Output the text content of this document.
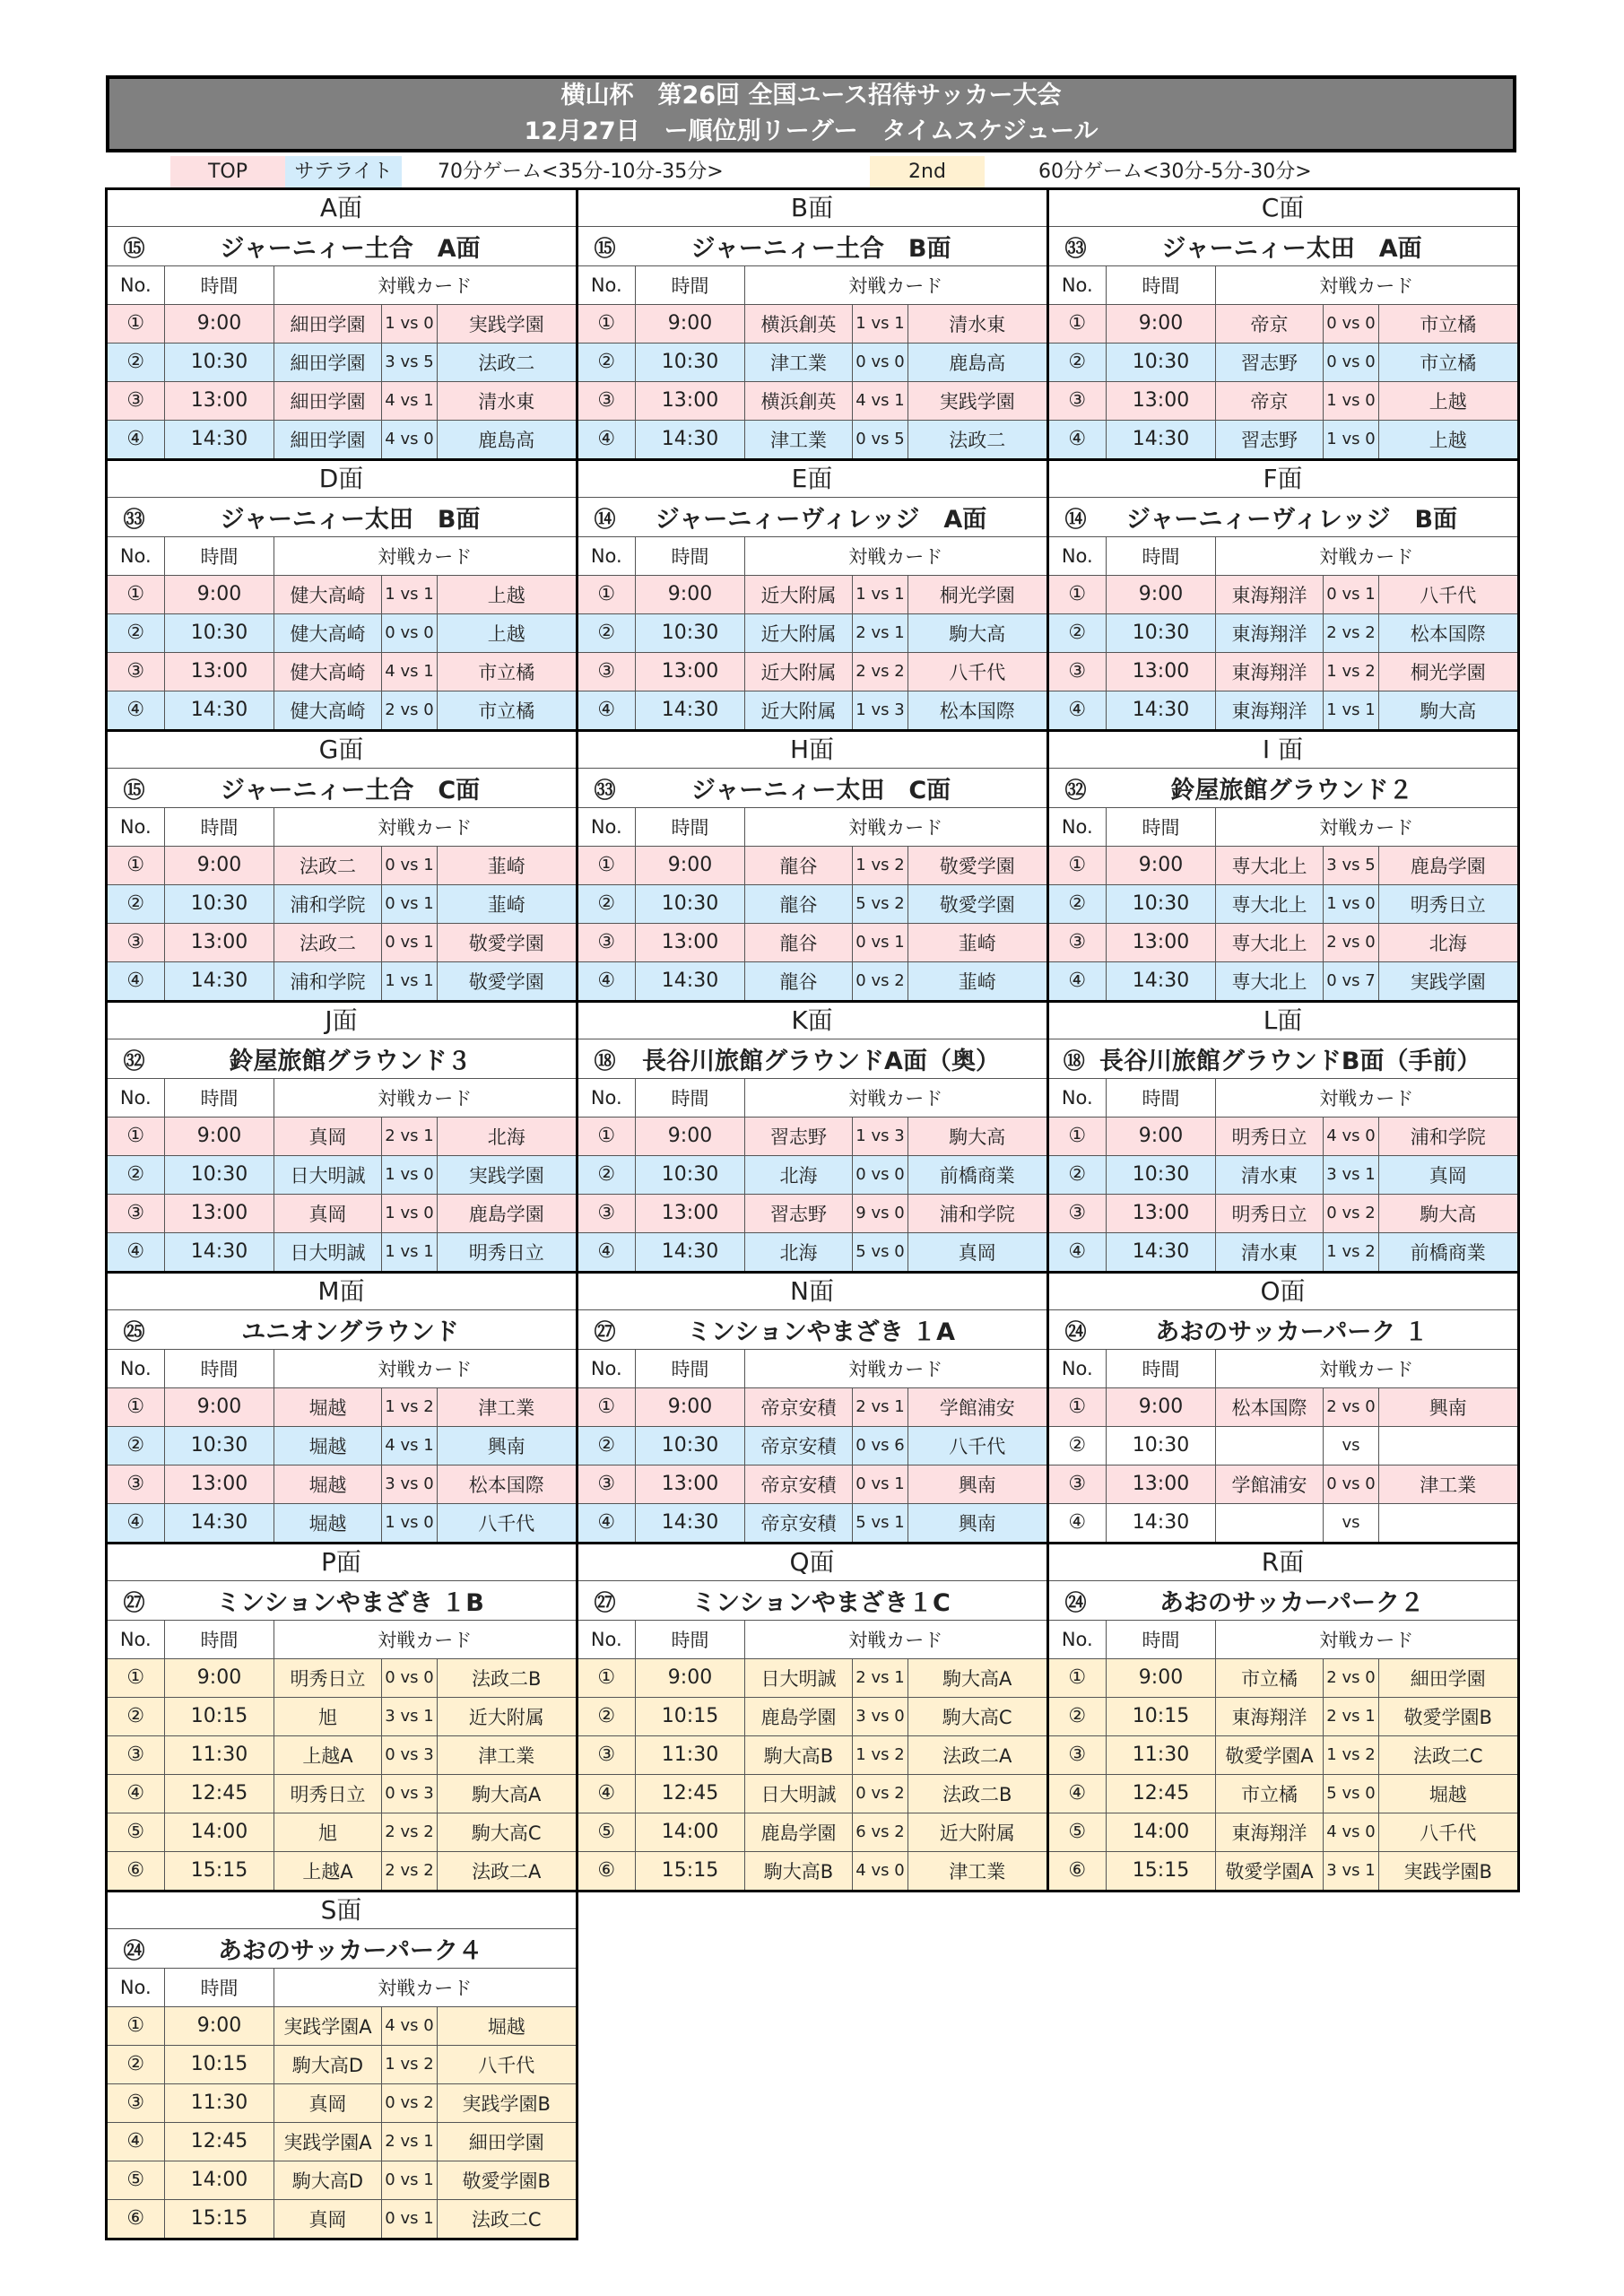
横山杯　第26回 全国ユース招待サッカー大会
12月27日　ー順位別リーグー　タイムスケジュール
TOP	サテライト	70分ゲーム<35分-10分-35分>	2nd	60分ゲーム<30分-5分-30分>
A面
⑮	ジャーニィー土合　A面
No.	時間	対戦カード		
①	9:00	細田学園	1 vs 0	実践学園
②	10:30	細田学園	3 vs 5	法政二
③	13:00	細田学園	4 vs 1	清水東
④	14:30	細田学園	4 vs 0	鹿島高
B面
⑮	ジャーニィー土合　B面
No.	時間	対戦カード		
①	9:00	横浜創英	1 vs 1	清水東
②	10:30	津工業	0 vs 0	鹿島高
③	13:00	横浜創英	4 vs 1	実践学園
④	14:30	津工業	0 vs 5	法政二
C面
㉝	ジャーニィー太田　A面
No.	時間	対戦カード		
①	9:00	帝京	0 vs 0	市立橘
②	10:30	習志野	0 vs 0	市立橘
③	13:00	帝京	1 vs 0	上越
④	14:30	習志野	1 vs 0	上越
D面
㉝	ジャーニィー太田　B面
No.	時間	対戦カード		
①	9:00	健大高崎	1 vs 1	上越
②	10:30	健大高崎	0 vs 0	上越
③	13:00	健大高崎	4 vs 1	市立橘
④	14:30	健大高崎	2 vs 0	市立橘
E面
⑭	ジャーニィーヴィレッジ　A面
No.	時間	対戦カード		
①	9:00	近大附属	1 vs 1	桐光学園
②	10:30	近大附属	2 vs 1	駒大高
③	13:00	近大附属	2 vs 2	八千代
④	14:30	近大附属	1 vs 3	松本国際
F面
⑭	ジャーニィーヴィレッジ　B面
No.	時間	対戦カード		
①	9:00	東海翔洋	0 vs 1	八千代
②	10:30	東海翔洋	2 vs 2	松本国際
③	13:00	東海翔洋	1 vs 2	桐光学園
④	14:30	東海翔洋	1 vs 1	駒大高
G面
⑮	ジャーニィー土合　C面
No.	時間	対戦カード		
①	9:00	法政二	0 vs 1	韮崎
②	10:30	浦和学院	0 vs 1	韮崎
③	13:00	法政二	0 vs 1	敬愛学園
④	14:30	浦和学院	1 vs 1	敬愛学園
H面
㉝	ジャーニィー太田　C面
No.	時間	対戦カード		
①	9:00	龍谷	1 vs 2	敬愛学園
②	10:30	龍谷	5 vs 2	敬愛学園
③	13:00	龍谷	0 vs 1	韮崎
④	14:30	龍谷	0 vs 2	韮崎
I 面
㉜	鈴屋旅館グラウンド２
No.	時間	対戦カード		
①	9:00	専大北上	3 vs 5	鹿島学園
②	10:30	専大北上	1 vs 0	明秀日立
③	13:00	専大北上	2 vs 0	北海
④	14:30	専大北上	0 vs 7	実践学園
J面
㉜	鈴屋旅館グラウンド３
No.	時間	対戦カード		
①	9:00	真岡	2 vs 1	北海
②	10:30	日大明誠	1 vs 0	実践学園
③	13:00	真岡	1 vs 0	鹿島学園
④	14:30	日大明誠	1 vs 1	明秀日立
K面
⑱	長谷川旅館グラウンドA面（奥）
No.	時間	対戦カード		
①	9:00	習志野	1 vs 3	駒大高
②	10:30	北海	0 vs 0	前橋商業
③	13:00	習志野	9 vs 0	浦和学院
④	14:30	北海	5 vs 0	真岡
L面
⑱ 長谷川旅館グラウンドB面（手前）
No.	時間	対戦カード		
①	9:00	明秀日立	4 vs 0	浦和学院
②	10:30	清水東	3 vs 1	真岡
③	13:00	明秀日立	0 vs 2	駒大高
④	14:30	清水東	1 vs 2	前橋商業
M面
㉕	ユニオングラウンド
No.	時間	対戦カード		
①	9:00	堀越	1 vs 2	津工業
②	10:30	堀越	4 vs 1	興南
③	13:00	堀越	3 vs 0	松本国際
④	14:30	堀越	1 vs 0	八千代
N面
㉗	ミンションやまざき １A
No.	時間	対戦カード		
①	9:00	帝京安積	2 vs 1	学館浦安
②	10:30	帝京安積	0 vs 6	八千代
③	13:00	帝京安積	0 vs 1	興南
④	14:30	帝京安積	5 vs 1	興南
O面
㉔	あおのサッカーパーク １
No.	時間	対戦カード		
①	9:00	松本国際	2 vs 0	興南
②	10:30		vs	
③	13:00	学館浦安	0 vs 0	津工業
④	14:30		vs	
P面
㉗	ミンションやまざき １B
No.	時間	対戦カード		
①	9:00	明秀日立	0 vs 0	法政二B
②	10:15	旭	3 vs 1	近大附属
③	11:30	上越A	0 vs 3	津工業
④	12:45	明秀日立	0 vs 3	駒大高A
⑤	14:00	旭	2 vs 2	駒大高C
⑥	15:15	上越A	2 vs 2	法政二A
Q面
㉗	ミンションやまざき１C
No.	時間	対戦カード		
①	9:00	日大明誠	2 vs 1	駒大高A
②	10:15	鹿島学園	3 vs 0	駒大高C
③	11:30	駒大高B	1 vs 2	法政二A
④	12:45	日大明誠	0 vs 2	法政二B
⑤	14:00	鹿島学園	6 vs 2	近大附属
⑥	15:15	駒大高B	4 vs 0	津工業
R面
㉔	あおのサッカーパーク２
No.	時間	対戦カード		
①	9:00	市立橘	2 vs 0	細田学園
②	10:15	東海翔洋	2 vs 1	敬愛学園B
③	11:30	敬愛学園A	1 vs 2	法政二C
④	12:45	市立橘	5 vs 0	堀越
⑤	14:00	東海翔洋	4 vs 0	八千代
⑥	15:15	敬愛学園A	3 vs 1	実践学園B
S面
㉔	あおのサッカーパーク４
No.	時間	対戦カード		
①	9:00	実践学園A	4 vs 0	堀越
②	10:15	駒大高D	1 vs 2	八千代
③	11:30	真岡	0 vs 2	実践学園B
④	12:45	実践学園A	2 vs 1	細田学園
⑤	14:00	駒大高D	0 vs 1	敬愛学園B
⑥	15:15	真岡	0 vs 1	法政二C
